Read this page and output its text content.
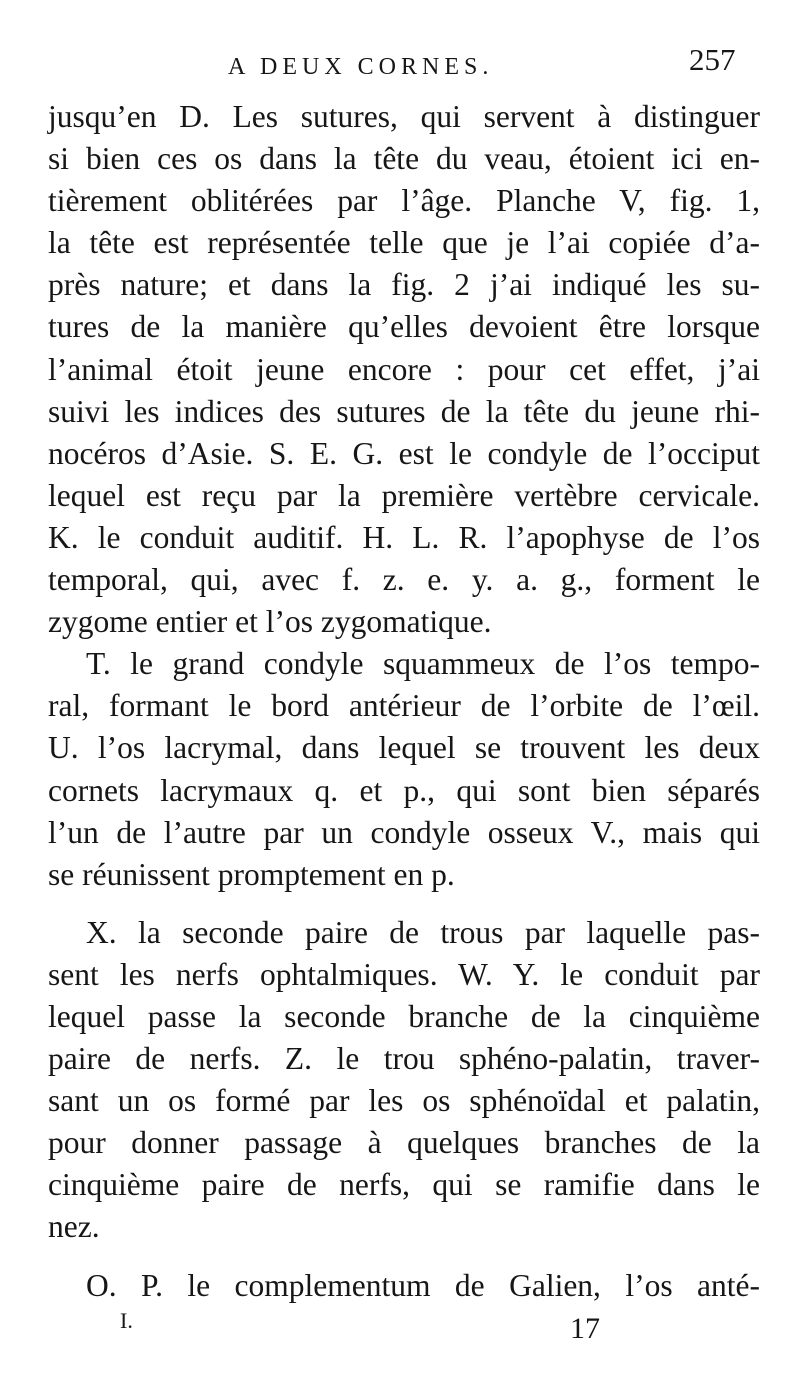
A DEUX CORNES.	257
jusqu’en D. Les sutures, qui servent à distinguer
si bien ces os dans la tête du veau, étoient ici en-
tièrement oblitérées par l’âge. Planche V, fig. 1,
la tête est représentée telle que je l’ai copiée d’a-
près nature; et dans la fig. 2 j’ai indiqué les su-
tures de la manière qu’elles devoient être lorsque
l’animal étoit jeune encore : pour cet effet, j’ai
suivi les indices des sutures de la tête du jeune rhi-
nocéros d’Asie. S. E. G. est le condyle de l’occiput
lequel est reçu par la première vertèbre cervicale.
K. le conduit auditif. H. L. R. l’apophyse de l’os
temporal, qui, avec f. z. e. y. a. g., forment le
zygome entier et l’os zygomatique.
T. le grand condyle squammeux de l’os tempo-
ral, formant le bord antérieur de l’orbite de l’œil.
U. l’os lacrymal, dans lequel se trouvent les deux
cornets lacrymaux q. et p., qui sont bien séparés
l’un de l’autre par un condyle osseux V., mais qui
se réunissent promptement en p.
X. la seconde paire de trous par laquelle pas-
sent les nerfs ophtalmiques. W. Y. le conduit par
lequel passe la seconde branche de la cinquième
paire de nerfs. Z. le trou sphéno-palatin, traver-
sant un os formé par les os sphénoïdal et palatin,
pour donner passage à quelques branches de la
cinquième paire de nerfs, qui se ramifie dans le
nez.
O. P. le complementum de Galien, l’os anté-
I.	17
